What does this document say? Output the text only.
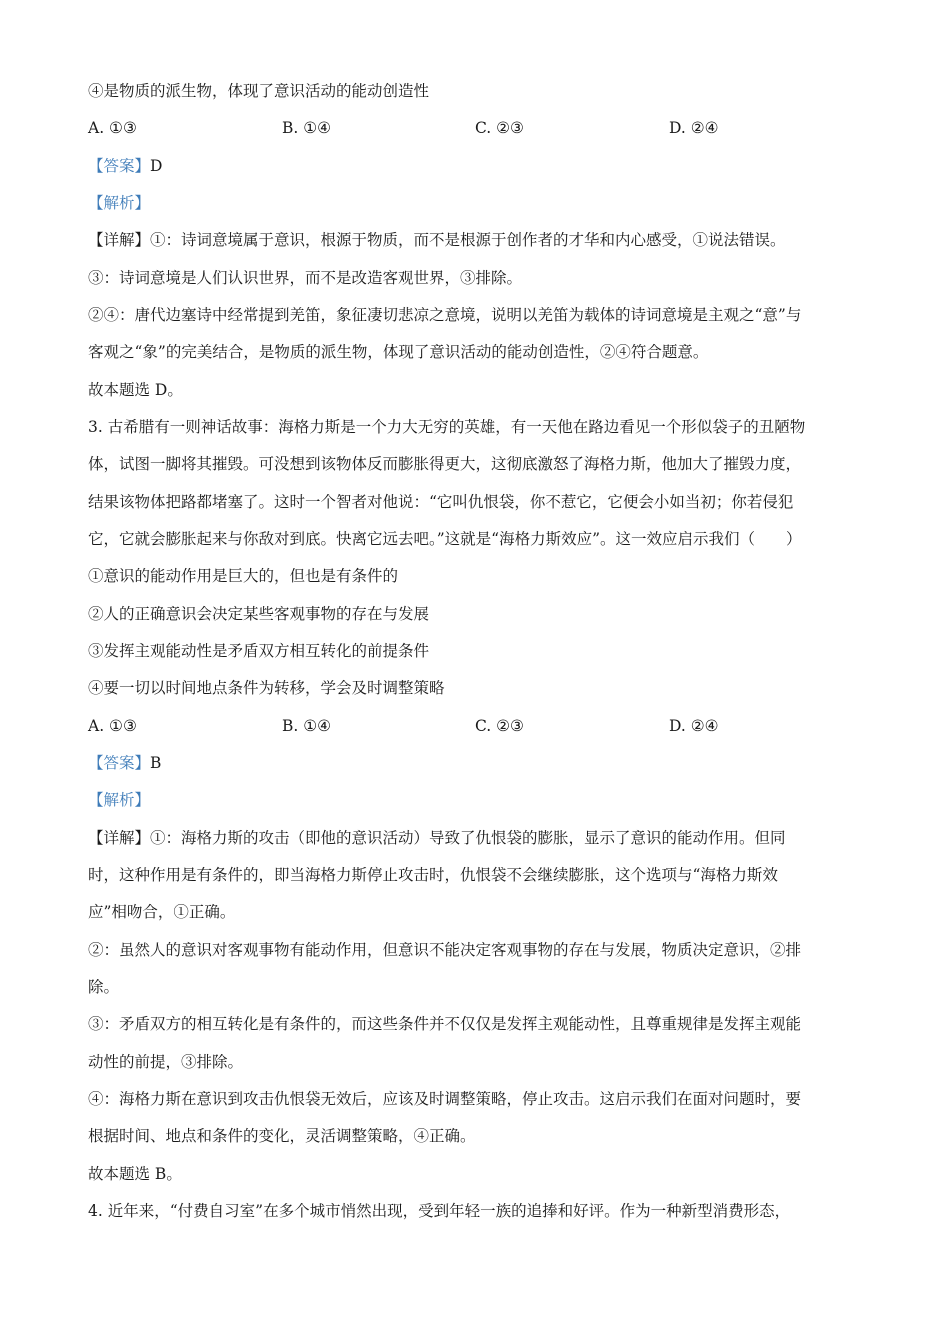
④是物质的派生物，体现了意识活动的能动创造性
A. ①③	B. ①④	C. ②③	D. ②④
【答案】D
【解析】
【详解】①：诗词意境属于意识，根源于物质，而不是根源于创作者的才华和内心感受，①说法错误。
③：诗词意境是人们认识世界，而不是改造客观世界，③排除。
②④：唐代边塞诗中经常提到羌笛，象征凄切悲凉之意境，说明以羌笛为载体的诗词意境是主观之“意”与
客观之“象”的完美结合，是物质的派生物，体现了意识活动的能动创造性，②④符合题意。
故本题选 D。
3. 古希腊有一则神话故事：海格力斯是一个力大无穷的英雄，有一天他在路边看见一个形似袋子的丑陋物
体，试图一脚将其摧毁。可没想到该物体反而膨胀得更大，这彻底激怒了海格力斯，他加大了摧毁力度，
结果该物体把路都堵塞了。这时一个智者对他说：“它叫仇恨袋，你不惹它，它便会小如当初；你若侵犯
它，它就会膨胀起来与你敌对到底。快离它远去吧。”这就是“海格力斯效应”。这一效应启示我们（　　）
①意识的能动作用是巨大的，但也是有条件的
②人的正确意识会决定某些客观事物的存在与发展
③发挥主观能动性是矛盾双方相互转化的前提条件
④要一切以时间地点条件为转移，学会及时调整策略
A. ①③	B. ①④	C. ②③	D. ②④
【答案】B
【解析】
【详解】①：海格力斯的攻击（即他的意识活动）导致了仇恨袋的膨胀，显示了意识的能动作用。但同
时，这种作用是有条件的，即当海格力斯停止攻击时，仇恨袋不会继续膨胀，这个选项与“海格力斯效
应”相吻合，①正确。
②：虽然人的意识对客观事物有能动作用，但意识不能决定客观事物的存在与发展，物质决定意识，②排
除。
③：矛盾双方的相互转化是有条件的，而这些条件并不仅仅是发挥主观能动性，且尊重规律是发挥主观能
动性的前提，③排除。
④：海格力斯在意识到攻击仇恨袋无效后，应该及时调整策略，停止攻击。这启示我们在面对问题时，要
根据时间、地点和条件的变化，灵活调整策略，④正确。
故本题选 B。
4. 近年来，“付费自习室”在多个城市悄然出现，受到年轻一族的追捧和好评。作为一种新型消费形态，
